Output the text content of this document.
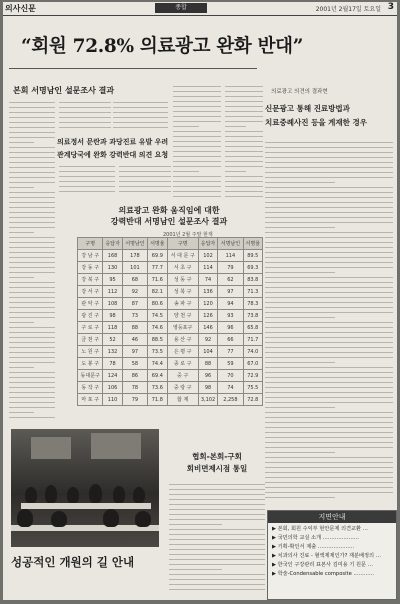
의사신문	종합	2001년 2월17일 토요일 3
“회원 72.8% 의료광고 완화 반대”
본회 서명남인 설문조사 결과
의료정서 문란과 과당진료 유발 우려
관계당국에 완화 강력반대 의견 요청
의료광고 완화 움직임에 대한
강력반대 서명남인 설문조사 결과
2001년 2월 주말 현재
구명	응답자	서명남인	서명율	구명	응답자	서명남인	서명율
강 남 구	168	178	69.9	서 대 문 구	102	114	89.5
강 동 구	130	101	77.7	서 초 구	114	79	69.3
강 북 구	95	68	71.6	성 동 구	74	62	83.8
강 서 구	112	92	82.1	성 북 구	136	97	71.3
관 악 구	108	87	80.6	송 파 구	120	94	78.3
광 진 구	98	73	74.5	양 천 구	126	93	73.8
구 로 구	118	88	74.6	영등포구	146	96	65.8
금 천 구	52	46	88.5	용 산 구	92	66	71.7
노 원 구	132	97	73.5	은 평 구	104	77	74.0
도 봉 구	78	58	74.4	종 로 구	88	59	67.0
동대문구	124	86	69.4	중 구	96	70	72.9
동 작 구	106	78	73.6	중 랑 구	98	74	75.5
마 포 구	110	79	71.8	합 계	3,102	2,258	72.8
의료광고 의견의 결과현
신문광고 통해 진료방법과
치료중례사진 등을 게재한 경우
성공적인 개원의 길 안내
협회-본회-구회
회비면제시점 통일
지면안내
▶ 본회, 회원 수익부 현안문제 의견교환 …
▶ 국민의학 교실 소개 …………………
▶ 기획-확인서 제출 …………………
▶ 치과의사 진료 - 혈액제제인가? 재분배정의 …
▶ 한국인 구강관리 표본사 김미용 기 원문 …
▶ 학술-Condensable composite …………
